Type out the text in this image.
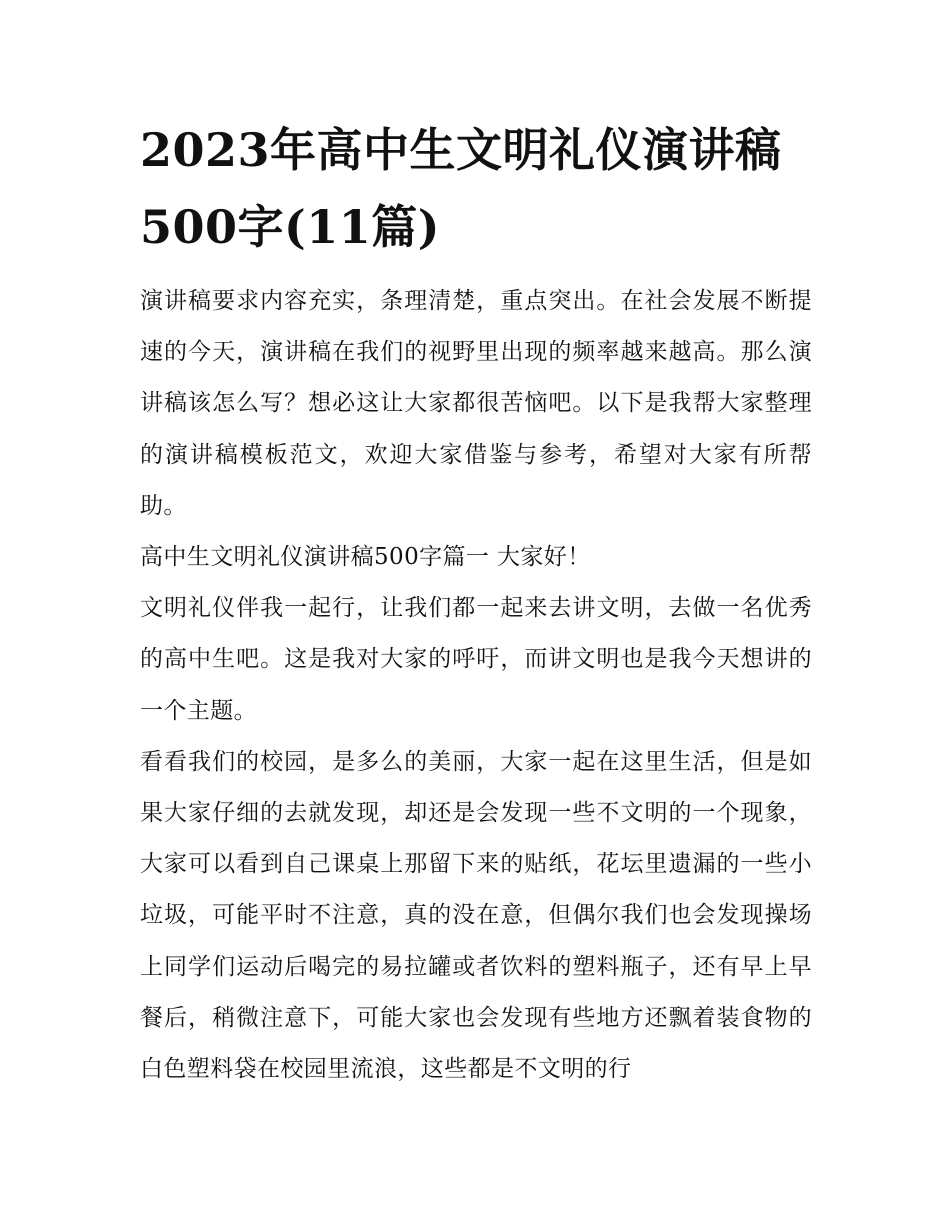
2023年高中生文明礼仪演讲稿
500字(11篇)

演讲稿要求内容充实，条理清楚，重点突出。在社会发展不断提速的今天，演讲稿在我们的视野里出现的频率越来越高。那么演讲稿该怎么写？想必这让大家都很苦恼吧。以下是我帮大家整理的演讲稿模板范文，欢迎大家借鉴与参考，希望对大家有所帮助。

高中生文明礼仪演讲稿500字篇一 大家好！

文明礼仪伴我一起行，让我们都一起来去讲文明，去做一名优秀的高中生吧。这是我对大家的呼吁，而讲文明也是我今天想讲的一个主题。

看看我们的校园，是多么的美丽，大家一起在这里生活，但是如果大家仔细的去就发现，却还是会发现一些不文明的一个现象，大家可以看到自己课桌上那留下来的贴纸，花坛里遗漏的一些小垃圾，可能平时不注意，真的没在意，但偶尔我们也会发现操场上同学们运动后喝完的易拉罐或者饮料的塑料瓶子，还有早上早餐后，稍微注意下，可能大家也会发现有些地方还飘着装食物的白色塑料袋在校园里流浪，这些都是不文明的行
